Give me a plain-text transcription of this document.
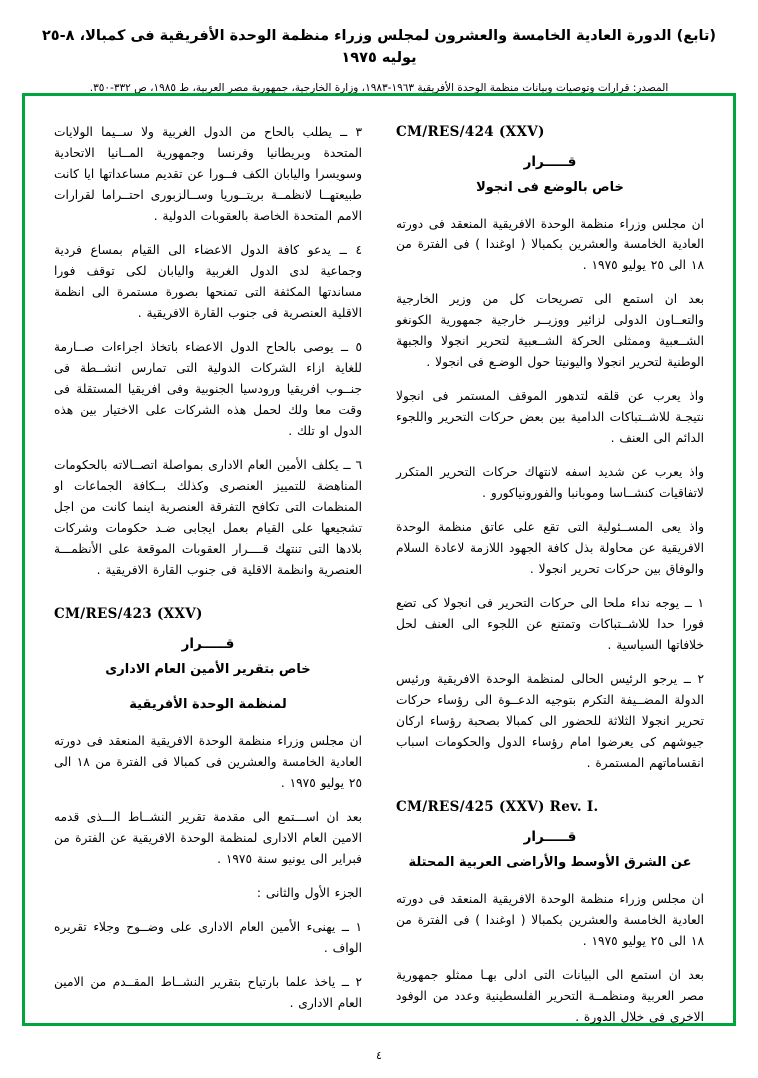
(تابع) الدورة العادية الخامسة والعشرون لمجلس وزراء منظمة الوحدة الأفريقية فى كمبالا، ٨-٢٥ يوليه ١٩٧٥
المصدر: قرارات وتوصيات وبيانات منظمة الوحدة الأفريقية ١٩٦٣-١٩٨٣، وزارة الخارجية، جمهورية مصر العربية، ط ١٩٨٥، ص ٣٣٢-٣٥٠.
CM/RES/424 (XXV)
قـــــرار
خاص بالوضع فى انجولا

ان مجلس وزراء منظمة الوحدة الافريقية المنعقد فى دورته العادية الخامسة والعشرين بكمبالا ( اوغندا ) فى الفترة من ١٨ الى ٢٥ يوليو ١٩٧٥ .

بعد ان استمع الى تصريحات كل من وزير الخارجية والتعــاون الدولى لزائير ووزيــر خارجية جمهورية الكونغو الشــعبية وممثلى الحركة الشــعبية لتحرير انجولا والجبهة الوطنية لتحرير انجولا واليونيتا حول الوضـع فى انجولا .

واذ يعرب عن قلقه لتدهور الموقف المستمر فى انجولا نتيجـة للاشــتباكات الدامية بين بعض حركات التحرير واللجوء الدائم الى العنف .

واذ يعرب عن شديد اسفه لانتهاك حركات التحرير المتكرر لاتفاقيات كنشــاسا وموبانبا والفورونياكورو .

واذ يعى المســئولية التى تقع على عاتق منظمة الوحدة الافريقية عن محاولة بذل كافة الجهود اللازمة لاعادة السلام والوفاق بين حركات تحرير انجولا .

١ ــ يوجه نداء ملحا الى حركات التحرير فى انجولا كى تضع فورا حدا للاشــتباكات وتمتنع عن اللجوء الى العنف لحل خلافاتها السياسية .

٢ ــ يرجو الرئيس الحالى لمنظمة الوحدة الافريقية ورئيس الدولة المضــيفة التكرم بتوجيه الدعــوة الى رؤساء حركات تحرير انجولا الثلاثة للحضور الى كمبالا بصحبة رؤساء اركان جيوشهم كى يعرضوا امام رؤساء الدول والحكومات اسباب انقساماتهم المستمرة .

CM/RES/425 (XXV) Rev. I.
قـــــرار
عن الشرق الأوسط والأراضى العربية المحتلة

ان مجلس وزراء منظمة الوحدة الافريقية المنعقد فى دورته العادية الخامسة والعشرين بكمبالا ( اوغندا ) فى الفترة من ١٨ الى ٢٥ يوليو ١٩٧٥ .

بعد ان استمع الى البيانات التى ادلى بهـا ممثلو جمهورية مصر العربية ومنظمــة التحرير الفلسطينية وعدد من الوفود الاخرى فى خلال الدورة .

٣ ــ يطلب بالحاح من الدول الغربية ولا ســيما الولايات المتحدة وبريطانيا وفرنسا وجمهورية المــانيا الاتحادية وسويسرا واليابان الكف فــورا عن تقديم مساعداتها ايا كانت طبيعتهــا لانظمــة بريتــوريا وســالزبورى احتــراما لقرارات الامم المتحدة الخاصة بالعقوبات الدولية .

٤ ــ يدعو كافة الدول الاعضاء الى القيام بمساع فردية وجماعية لدى الدول الغربية واليابان لكى توقف فورا مساندتها المكثفة التى تمنحها بصورة مستمرة الى انظمة الاقلية العنصرية فى جنوب القارة الافريقية .

٥ ــ يوصى بالحاح الدول الاعضاء باتخاذ اجراءات صــارمة للغاية ازاء الشركات الدولية التى تمارس انشــطة فى جنــوب افريقيا ورودسيا الجنوبية وفى افريقيا المستقلة فى وقت معا ولك لحمل هذه الشركات على الاختيار بين هذه الدول او تلك .

٦ ــ يكلف الأمين العام الادارى بمواصلة اتصــالاته بالحكومات المناهضة للتمييز العنصرى وكذلك بــكافة الجماعات او المنظمات التى تكافح التفرقة العنصرية اينما كانت من اجل تشجيعها على القيام بعمل ايجابى ضـد حكومات وشركات بلادها التى تنتهك قــــرار العقوبات الموقعة على الأنظمـــة العنصرية وانظمة الاقلية فى جنوب القارة الافريقية .

CM/RES/423 (XXV)
قـــــرار
خاص بتقرير الأمين العام الادارى
لمنظمة الوحدة الأفريقية

ان مجلس وزراء منظمة الوحدة الافريقية المنعقد فى دورته العادية الخامسة والعشرين فى كمبالا فى الفترة من ١٨ الى ٢٥ يوليو ١٩٧٥ .

بعد ان اســـتمع الى مقدمة تقرير النشــاط الـــذى قدمه الامين العام الادارى لمنظمة الوحدة الافريقية عن الفترة من فبراير الى يونيو سنة ١٩٧٥ .

الجزء الأول والثانى :

١ ــ يهنىء الأمين العام الادارى على وضــوح وجلاء تقريره الواف .

٢ ــ ياخذ علما بارتياح بتقرير النشــاط المقــدم من الامين العام الادارى .

٤
